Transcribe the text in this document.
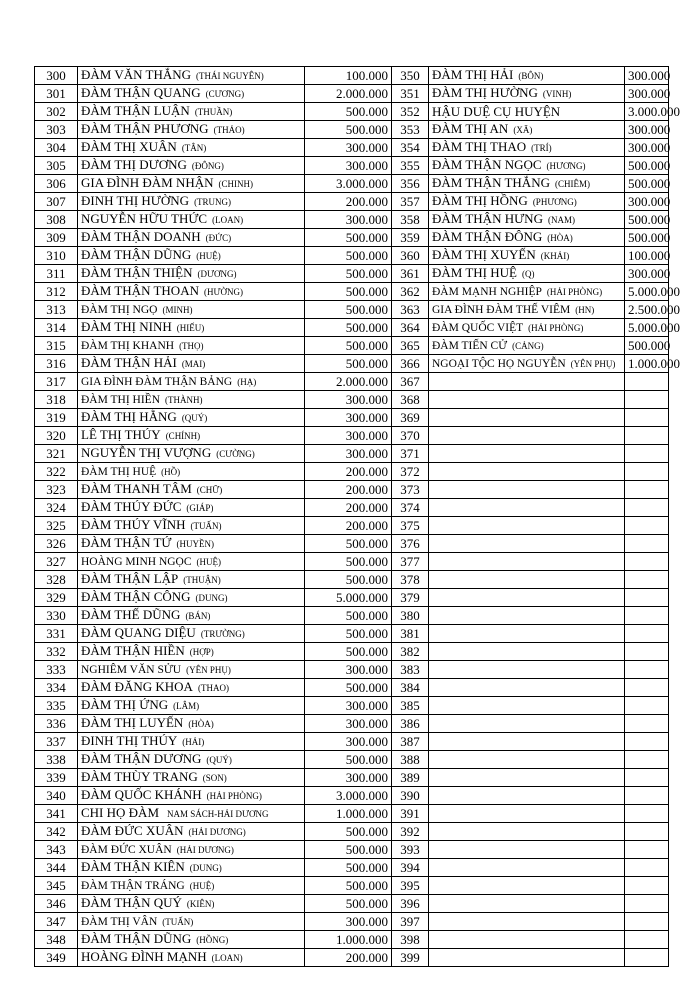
300	ĐÀM VĂN THẮNG (THÁI NGUYÊN)	100.000	350	ĐÀM THỊ HẢI (BÔN)	300.000
301	ĐÀM THẬN QUANG (CƯƠNG)	2.000.000	351	ĐÀM THỊ HƯỜNG (VINH)	300.000
302	ĐÀM THẬN LUẬN (THUẦN)	500.000	352	HẬU DUỆ CỤ HUYỆN	3.000.000
303	ĐÀM THẬN PHƯƠNG (THẢO)	500.000	353	ĐÀM THỊ AN (XÃ)	300.000
304	ĐÀM THỊ XUÂN (TÂN)	300.000	354	ĐÀM THỊ THAO (TRÍ)	300.000
305	ĐÀM THỊ DƯƠNG (ĐÔNG)	300.000	355	ĐÀM THẬN NGỌC (HƯƠNG)	500.000
306	GIA ĐÌNH ĐÀM NHẬN (CHINH)	3.000.000	356	ĐÀM THẬN THẮNG (CHIÊM)	500.000
307	ĐINH THỊ HƯỜNG (TRUNG)	200.000	357	ĐÀM THỊ HỒNG (PHƯƠNG)	300.000
308	NGUYỄN HỮU THỨC (LOAN)	300.000	358	ĐÀM THẬN HƯNG (NAM)	500.000
309	ĐÀM THẬN DOANH (ĐỨC)	500.000	359	ĐÀM THẬN ĐÔNG (HÒA)	500.000
310	ĐÀM THẬN DŨNG (HUỆ)	500.000	360	ĐÀM THỊ XUYẾN (KHẢI)	100.000
311	ĐÀM THẬN THIỆN (DƯƠNG)	500.000	361	ĐÀM THỊ HUỆ (Q)	300.000
312	ĐÀM THẬN THOAN (HƯỜNG)	500.000	362	ĐÀM MẠNH NGHIỆP (HẢI PHÒNG)	5.000.000
313	ĐÀM THỊ NGỌ (MINH)	500.000	363	GIA ĐÌNH ĐÀM THẾ VIÊM (HN)	2.500.000
314	ĐÀM THỊ NINH (HIẾU)	500.000	364	ĐÀM QUỐC VIỆT (HẢI PHÒNG)	5.000.000
315	ĐÀM THỊ KHANH (THỌ)	500.000	365	ĐÀM TIẾN CỬ (CẢNG)	500.000
316	ĐÀM THẬN HẢI (MAI)	500.000	366	NGOẠI TỘC HỌ NGUYỄN (YÊN PHỤ)	1.000.000
317	GIA ĐÌNH ĐÀM THẬN BẢNG (HẠ)	2.000.000	367		
318	ĐÀM THỊ HIỀN (THÀNH)	300.000	368		
319	ĐÀM THỊ HẰNG (QUÝ)	300.000	369		
320	LÊ THỊ THÚY (CHÍNH)	300.000	370		
321	NGUYỄN THỊ VƯỢNG (CƯỜNG)	300.000	371		
322	ĐÀM THỊ HUỆ (HỒ)	200.000	372		
323	ĐÀM THANH TÂM (CHỮ)	200.000	373		
324	ĐÀM THÚY ĐỨC (GIÁP)	200.000	374		
325	ĐÀM THÚY VĨNH (TUẤN)	200.000	375		
326	ĐÀM THẬN TỨ (HUYỀN)	500.000	376		
327	HOÀNG MINH NGỌC (HUỆ)	500.000	377		
328	ĐÀM THẬN LẬP (THUẬN)	500.000	378		
329	ĐÀM THẬN CÔNG (DUNG)	5.000.000	379		
330	ĐÀM THẾ DŨNG (BÁN)	500.000	380		
331	ĐÀM QUANG DIỆU (TRƯỜNG)	500.000	381		
332	ĐÀM THẬN HIỀN (HỢP)	500.000	382		
333	NGHIÊM VĂN SỬU (YÊN PHỤ)	300.000	383		
334	ĐÀM ĐĂNG KHOA (THAO)	500.000	384		
335	ĐÀM THỊ ỨNG (LÂM)	300.000	385		
336	ĐÀM THỊ LUYẾN (HÒA)	300.000	386		
337	ĐINH THỊ THÚY (HẢI)	300.000	387		
338	ĐÀM THẬN DƯƠNG (QUÝ)	500.000	388		
339	ĐÀM THÙY TRANG (SON)	300.000	389		
340	ĐÀM QUỐC KHÁNH (HẢI PHÒNG)	3.000.000	390		
341	CHI HỌ ĐÀM NAM SÁCH-HẢI DƯƠNG	1.000.000	391		
342	ĐÀM ĐỨC XUÂN (HẢI DƯƠNG)	500.000	392		
343	ĐÀM ĐỨC XUÂN (HẢI DƯƠNG)	500.000	393		
344	ĐÀM THẬN KIÊN (DUNG)	500.000	394		
345	ĐÀM THẬN TRÁNG (HUỆ)	500.000	395		
346	ĐÀM THẬN QUÝ (KIÊN)	500.000	396		
347	ĐÀM THỊ VÂN (TUẤN)	300.000	397		
348	ĐÀM THẬN DŨNG (HỒNG)	1.000.000	398		
349	HOÀNG ĐÌNH MẠNH (LOAN)	200.000	399		
